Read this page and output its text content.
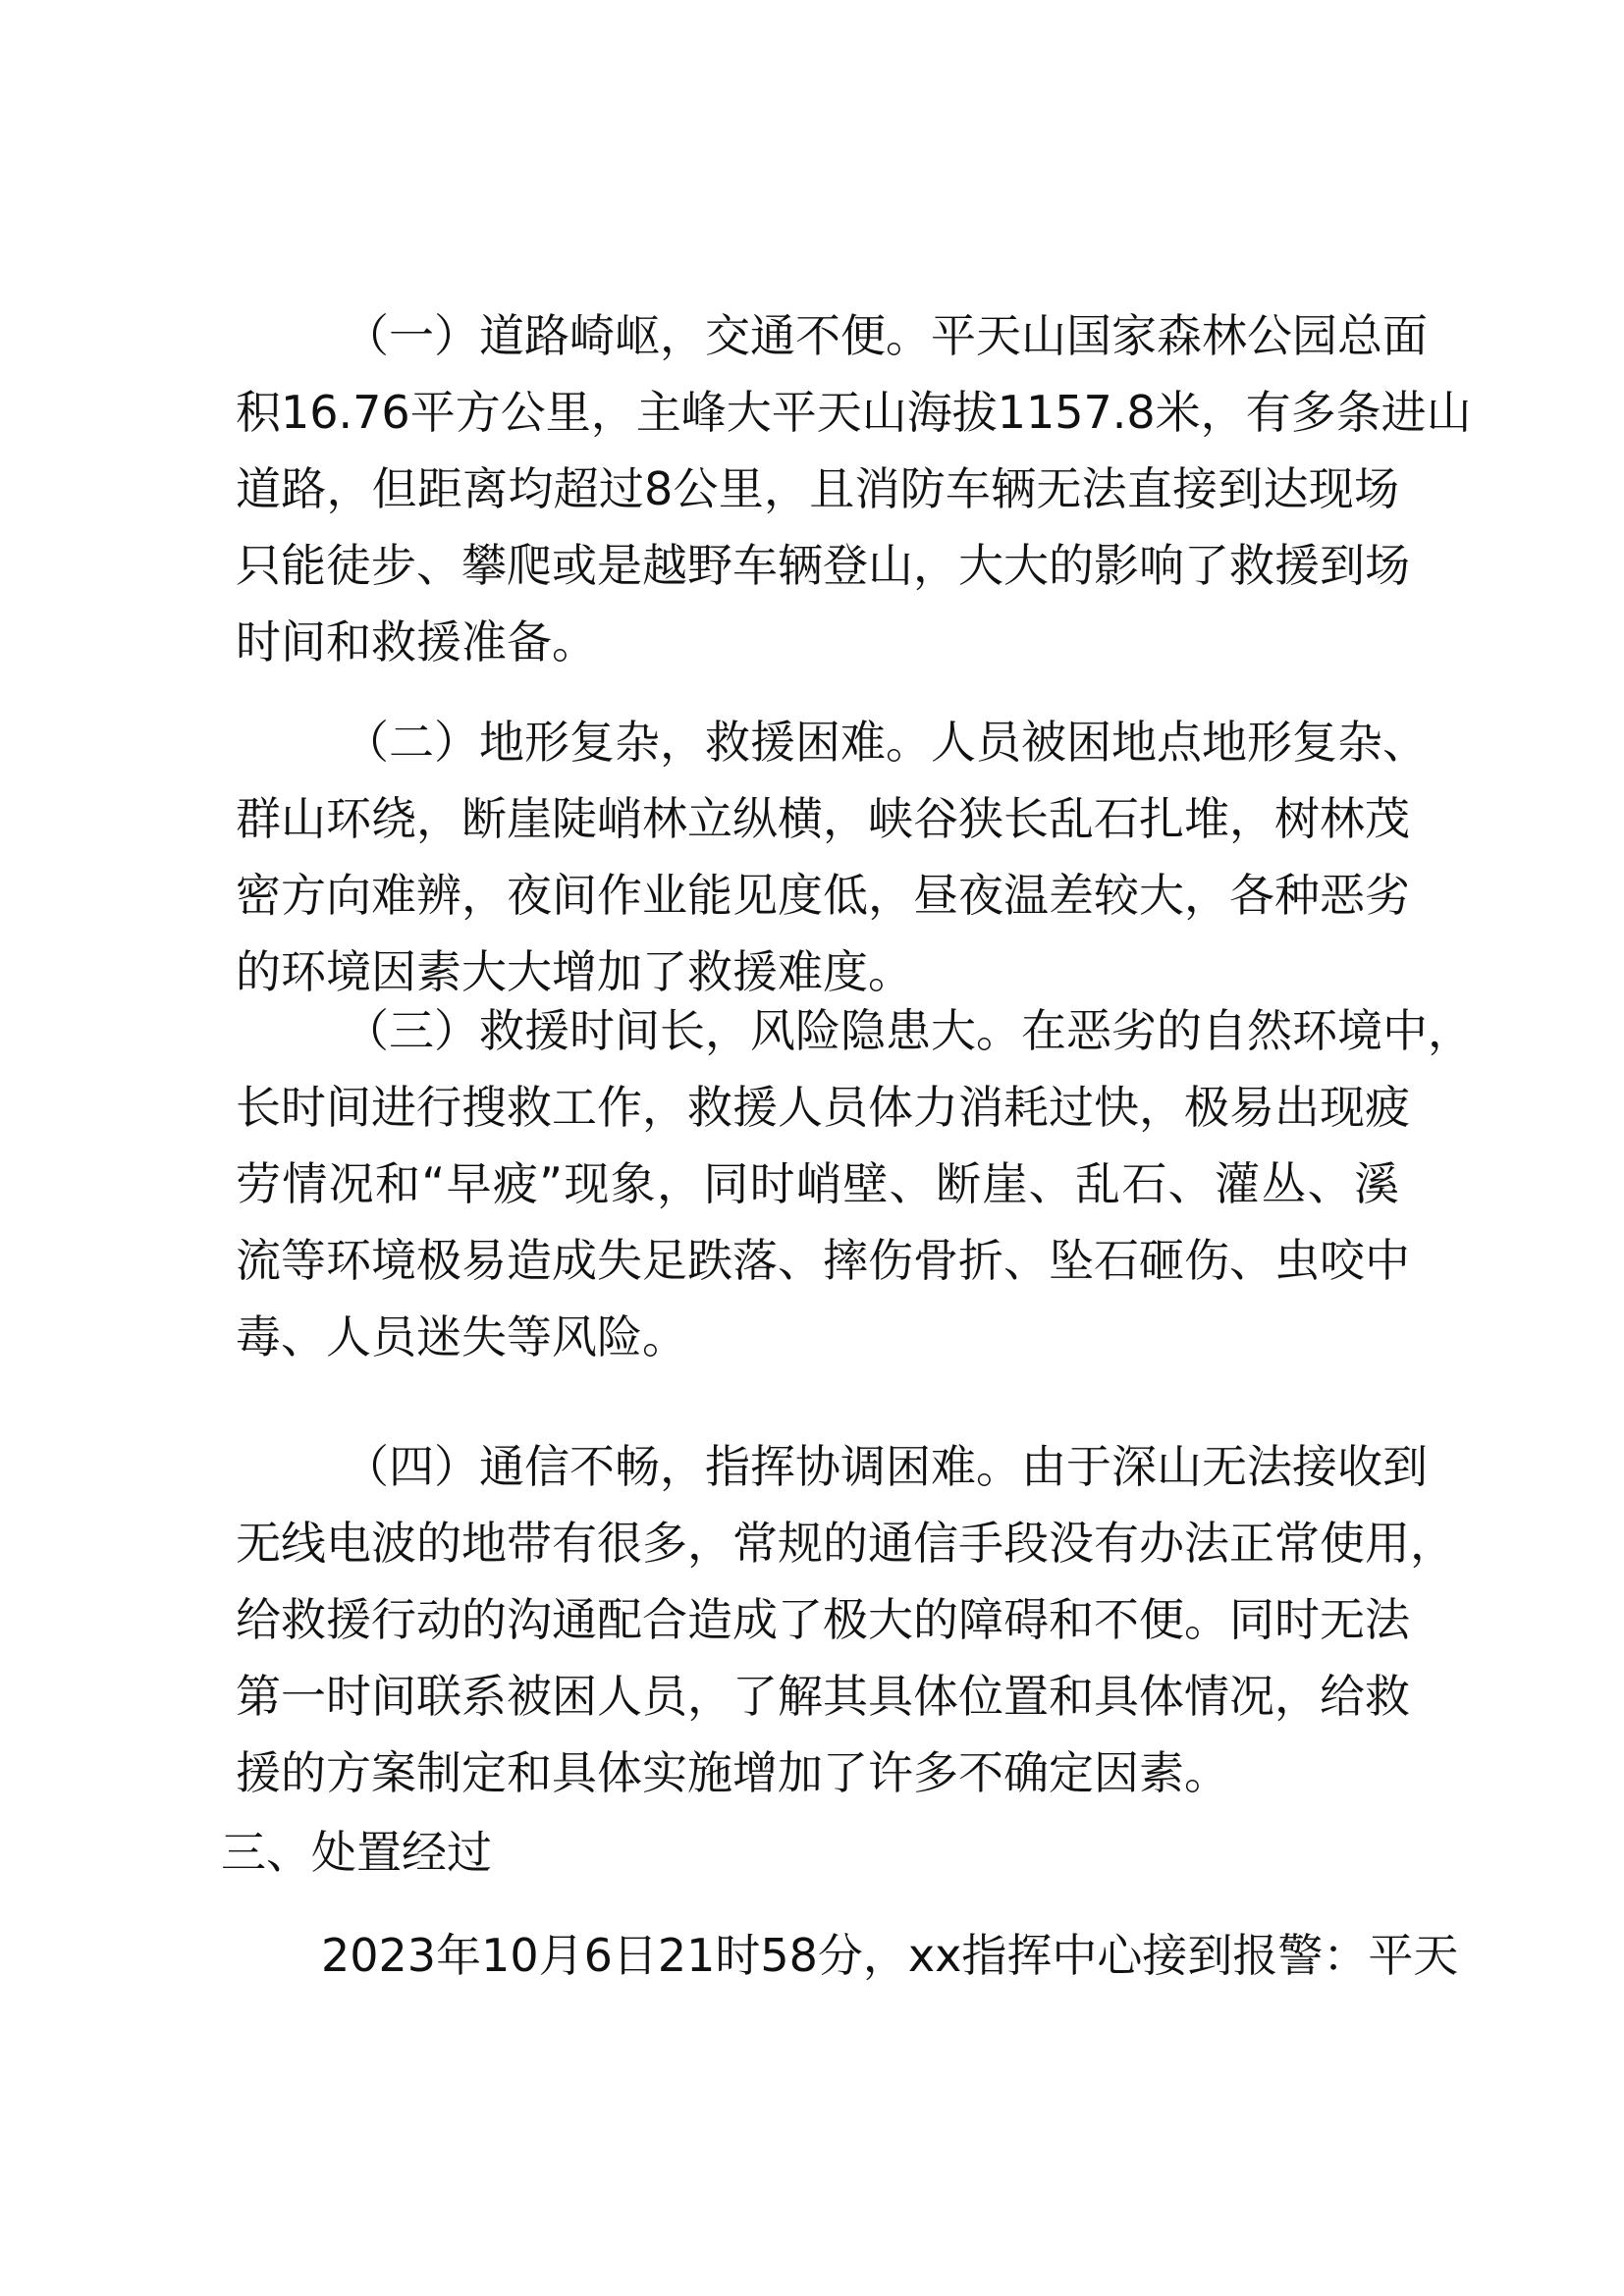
（一）道路崎岖，交通不便。平天山国家森林公园总面
积16.76平方公里，主峰大平天山海拔1157.8米，有多条进山
道路，但距离均超过8公里，且消防车辆无法直接到达现场
只能徒步、攀爬或是越野车辆登山，大大的影响了救援到场
时间和救援准备。
（二）地形复杂，救援困难。人员被困地点地形复杂、
群山环绕，断崖陡峭林立纵横，峡谷狭长乱石扎堆，树林茂
密方向难辨，夜间作业能见度低，昼夜温差较大，各种恶劣
的环境因素大大增加了救援难度。
（三）救援时间长，风险隐患大。在恶劣的自然环境中，
长时间进行搜救工作，救援人员体力消耗过快，极易出现疲
劳情况和“早疲”现象，同时峭壁、断崖、乱石、灌丛、溪
流等环境极易造成失足跌落、摔伤骨折、坠石砸伤、虫咬中
毒、人员迷失等风险。
（四）通信不畅，指挥协调困难。由于深山无法接收到
无线电波的地带有很多，常规的通信手段没有办法正常使用，
给救援行动的沟通配合造成了极大的障碍和不便。同时无法
第一时间联系被困人员，了解其具体位置和具体情况，给救
援的方案制定和具体实施增加了许多不确定因素。
三、处置经过
2023年10月6日21时58分，xx指挥中心接到报警：平天
